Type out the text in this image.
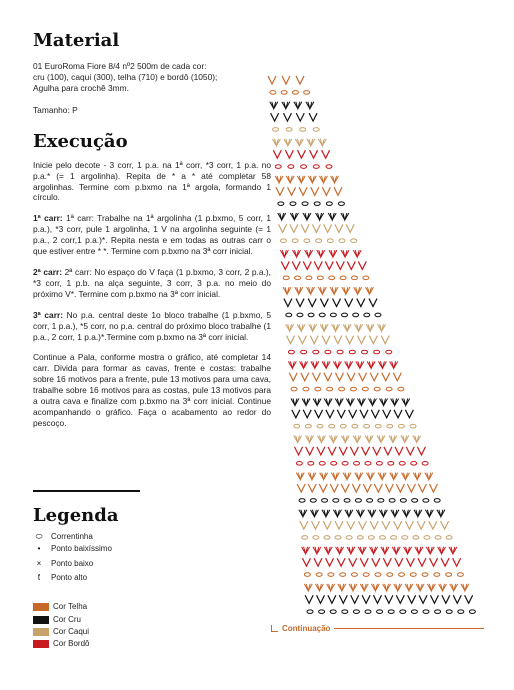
Material
01 EuroRoma Fiore 8/4 nº2 500m de cada cor:
cru (100), caqui (300), telha (710) e bordô (1050);
Agulha para crochê 3mm.
Tamanho: P
Execução

Inicie pelo decote - 3 corr, 1 p.a. na 1ª corr, *3 corr, 1 p.a. no p.a.* (= 1 argolinha). Repita de * a * até completar 58 argolinhas. Termine com p.bxmo na 1ª argola, formando 1 círculo.

1ª carr: 1ª carr: Trabalhe na 1ª argolinha (1 p.bxmo, 5 corr, 1 p.a.), *3 corr, pule 1 argolinha, 1 V na argolinha seguinte (= 1 p.a., 2 corr,1 p.a.)*. Repita nesta e em todas as outras carr o que estiver entre * *. Termine com p.bxmo na 3ª corr inicial.

2ª carr: 2ª carr: No espaço do V faça (1 p.bxmo, 3 corr, 2 p.a.), *3 corr, 1 p.b. na alça seguinte, 3 corr, 3 p.a. no meio do próximo V*. Termine com p.bxmo na 3ª corr inicial.

3ª carr: No p.a. central deste 1o bloco trabalhe (1 p.bxmo, 5 corr, 1 p.a.), *5 corr, no p.a. central do próximo bloco trabalhe (1 p.a., 2 corr, 1 p.a.)*.Termine com p.bxmo na 3ª corr inicial.

Continue a Pala, conforme mostra o gráfico, até completar 14 carr. Divida para formar as cavas, frente e costas: trabalhe sobre 16 motivos para a frente, pule 13 motivos para uma cava, trabalhe sobre 16 motivos para as costas, pule 13 motivos para a outra cava e finalize com p.bxmo na 3ª corr inicial. Continue acompanhando o gráfico. Faça o acabamento ao redor do pescoço.

Legenda
⬭	Correntinha
•	Ponto baixíssimo
×	Ponto baixo
ƭ	Ponto alto
Cor Telha
Cor Cru
Cor Caqui
Cor Bordô
Continuação
